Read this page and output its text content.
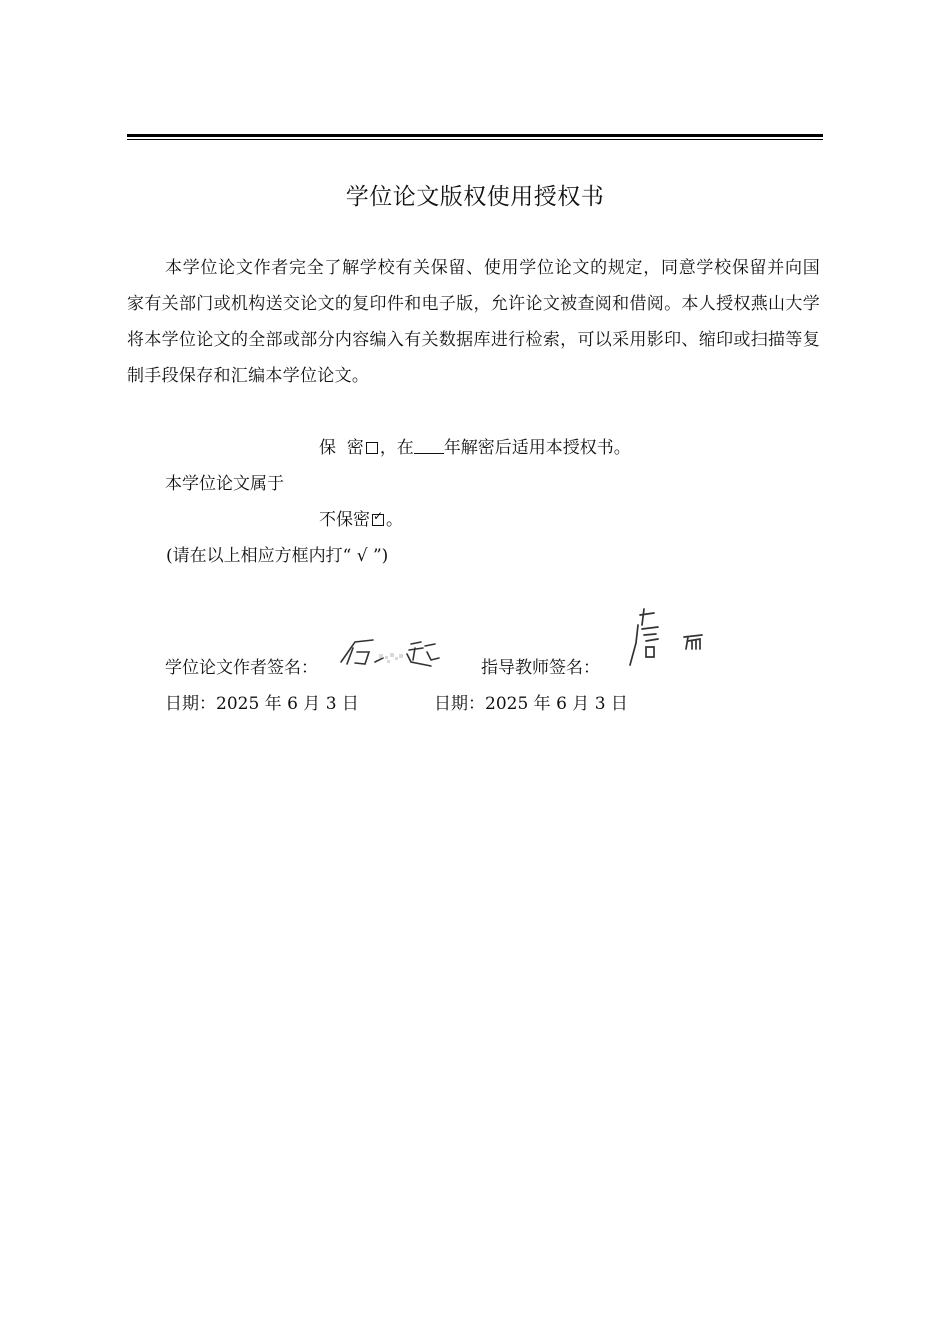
学位论文版权使用授权书

本学位论文作者完全了解学校有关保留、使用学位论文的规定，同意学校保留并向国家有关部门或机构送交论文的复印件和电子版，允许论文被查阅和借阅。本人授权燕山大学将本学位论文的全部或部分内容编入有关数据库进行检索，可以采用影印、缩印或扫描等复制手段保存和汇编本学位论文。

保  密 ，在 年解密后适用本授权书。
本学位论文属于
不保密 ✓ 。
(请在以上相应方框内打“ √ ”)
学位论文作者签名：	指导教师签名：
日期：2025 年 6 月 3 日	日期：2025 年 6 月 3 日
